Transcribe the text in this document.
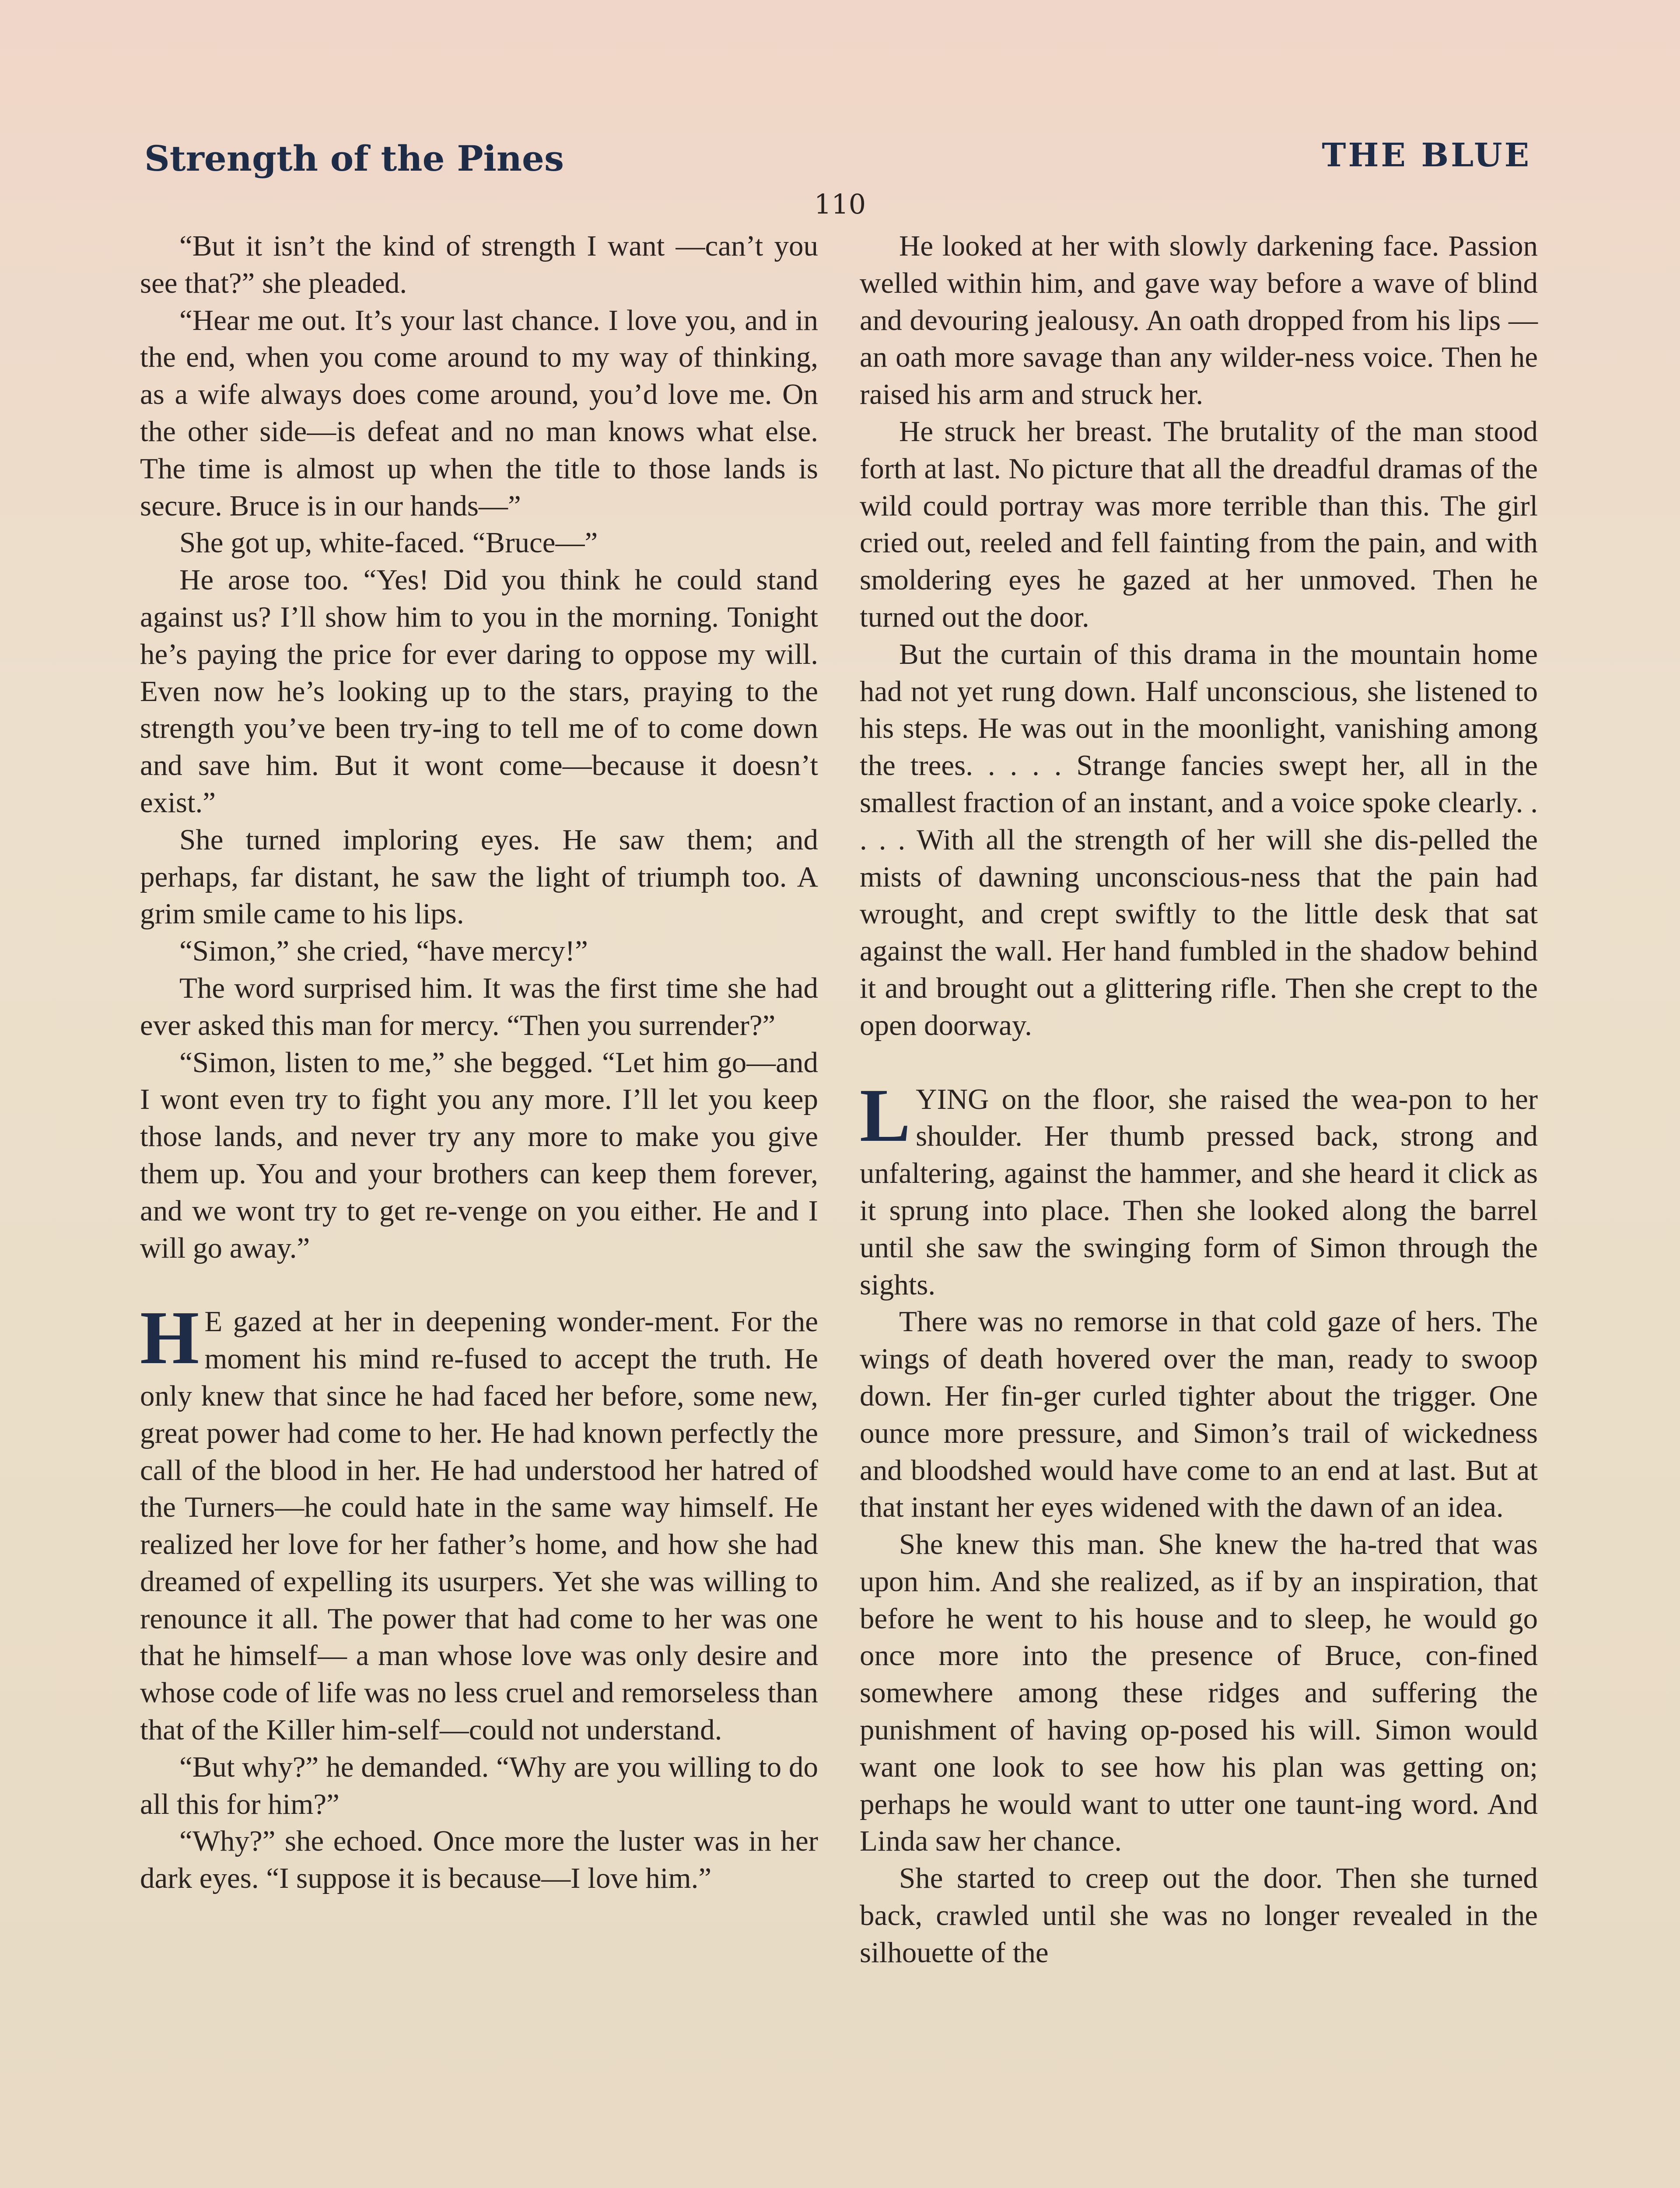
Strength of the Pines	THE BLUE
110

“But it isn’t the kind of strength I want —can’t you see that?” she pleaded.

“Hear me out. It’s your last chance. I love you, and in the end, when you come around to my way of thinking, as a wife always does come around, you’d love me. On the other side—is defeat and no man knows what else. The time is almost up when the title to those lands is secure. Bruce is in our hands—”

She got up, white-faced. “Bruce—”

He arose too. “Yes! Did you think he could stand against us? I’ll show him to you in the morning. Tonight he’s paying the price for ever daring to oppose my will. Even now he’s looking up to the stars, praying to the strength you’ve been try-ing to tell me of to come down and save him. But it wont come—because it doesn’t exist.”

She turned imploring eyes. He saw them; and perhaps, far distant, he saw the light of triumph too. A grim smile came to his lips.

“Simon,” she cried, “have mercy!”

The word surprised him. It was the first time she had ever asked this man for mercy. “Then you surrender?”

“Simon, listen to me,” she begged. “Let him go—and I wont even try to fight you any more. I’ll let you keep those lands, and never try any more to make you give them up. You and your brothers can keep them forever, and we wont try to get re-venge on you either. He and I will go away.”

H E gazed at her in deepening wonder-ment. For the moment his mind re-fused to accept the truth. He only knew that since he had faced her before, some new, great power had come to her. He had known perfectly the call of the blood in her. He had understood her hatred of the Turners—he could hate in the same way himself. He realized her love for her father’s home, and how she had dreamed of expelling its usurpers. Yet she was willing to renounce it all. The power that had come to her was one that he himself— a man whose love was only desire and whose code of life was no less cruel and remorseless than that of the Killer him-self—could not understand.

“But why?” he demanded. “Why are you willing to do all this for him?”

“Why?” she echoed. Once more the luster was in her dark eyes. “I suppose it is because—I love him.”

He looked at her with slowly darkening face. Passion welled within him, and gave way before a wave of blind and devouring jealousy. An oath dropped from his lips —an oath more savage than any wilder-ness voice. Then he raised his arm and struck her.

He struck her breast. The brutality of the man stood forth at last. No picture that all the dreadful dramas of the wild could portray was more terrible than this. The girl cried out, reeled and fell fainting from the pain, and with smoldering eyes he gazed at her unmoved. Then he turned out the door.

But the curtain of this drama in the mountain home had not yet rung down. Half unconscious, she listened to his steps. He was out in the moonlight, vanishing among the trees. . . . . Strange fancies swept her, all in the smallest fraction of an instant, and a voice spoke clearly. . . . . With all the strength of her will she dis-pelled the mists of dawning unconscious-ness that the pain had wrought, and crept swiftly to the little desk that sat against the wall. Her hand fumbled in the shadow behind it and brought out a glittering rifle. Then she crept to the open doorway.

L YING on the floor, she raised the wea-pon to her shoulder. Her thumb pressed back, strong and unfaltering, against the hammer, and she heard it click as it sprung into place. Then she looked along the barrel until she saw the swinging form of Simon through the sights.

There was no remorse in that cold gaze of hers. The wings of death hovered over the man, ready to swoop down. Her fin-ger curled tighter about the trigger. One ounce more pressure, and Simon’s trail of wickedness and bloodshed would have come to an end at last. But at that instant her eyes widened with the dawn of an idea.

She knew this man. She knew the ha-tred that was upon him. And she realized, as if by an inspiration, that before he went to his house and to sleep, he would go once more into the presence of Bruce, con-fined somewhere among these ridges and suffering the punishment of having op-posed his will. Simon would want one look to see how his plan was getting on; perhaps he would want to utter one taunt-ing word. And Linda saw her chance.

She started to creep out the door. Then she turned back, crawled until she was no longer revealed in the silhouette of the
